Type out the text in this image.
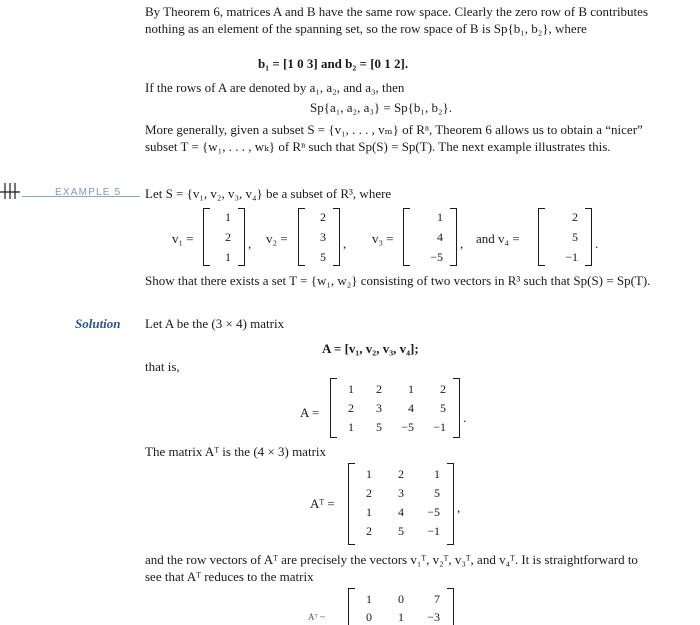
By Theorem 6, matrices A and B have the same row space. Clearly the zero row of B contributes nothing as an element of the spanning set, so the row space of B is Sp{b₁, b₂}, where
b₁ = [1 0 3] and b₂ = [0 1 2].
If the rows of A are denoted by a₁, a₂, and a₃, then
Sp{a₁, a₂, a₃} = Sp{b₁, b₂}.
More generally, given a subset S = {v₁, . . . , vₘ} of Rⁿ, Theorem 6 allows us to obtain a “nicer” subset T = {w₁, . . . , wₖ} of Rⁿ such that Sp(S) = Sp(T). The next example illustrates this.
EXAMPLE 5 Let S = {v₁, v₂, v₃, v₄} be a subset of R³, where
v₁ =
1
2
1
, v₂ =
2
3
5
, v₃ =
1
4
−5
, and v₄ =
2
5
−1
.
Show that there exists a set T = {w₁, w₂} consisting of two vectors in R³ such that Sp(S) = Sp(T).
Solution Let A be the (3 × 4) matrix
A = [v₁, v₂, v₃, v₄];
that is,
A =
1 2 1 2
2 3 4 5
1 5 −5 −1
.
The matrix Aᵀ is the (4 × 3) matrix
Aᵀ =
1 2	1
2 3	5
1 4 −5
2 5 −1
,
and the row vectors of Aᵀ are precisely the vectors v₁ᵀ, v₂ᵀ, v₃ᵀ, and v₄ᵀ. It is straightforward to see that Aᵀ reduces to the matrix
Aᵀ ~
1 0	7
0 1 −3
